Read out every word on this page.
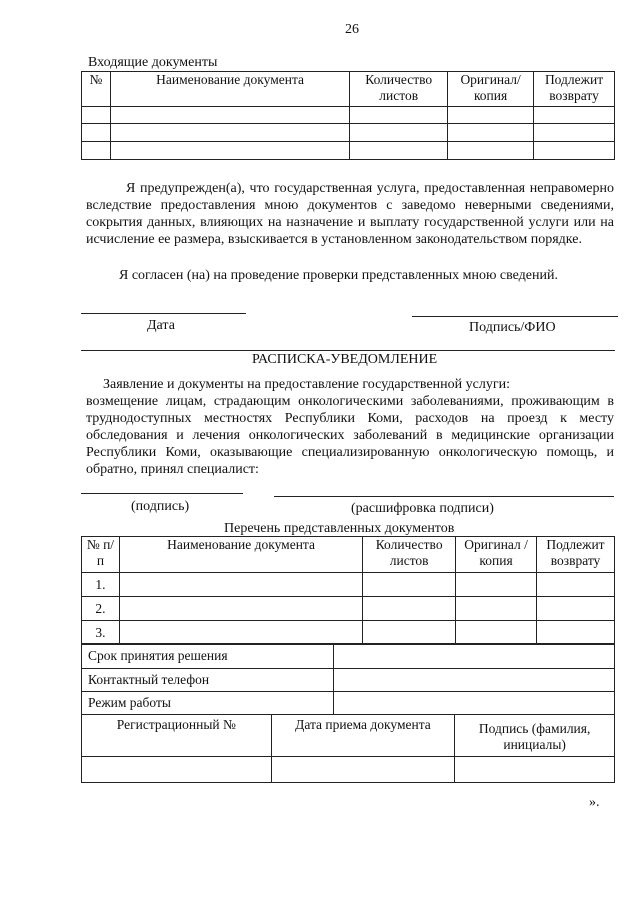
26
Входящие документы
№	Наименование документа	Количество листов	Оригинал/ копия	Подлежит возврату

Я предупрежден(а), что государственная услуга, предоставленная неправомерно вследствие предоставления мною документов с заведомо неверными сведениями, сокрытия данных, влияющих на назначение и выплату государственной услуги или на исчисление ее размера, взыскивается в установленном законодательством порядке.
Я согласен (на) на проведение проверки представленных мною сведений.
Дата	Подпись/ФИО
РАСПИСКА-УВЕДОМЛЕНИЕ
Заявление и документы на предоставление государственной услуги:
возмещение лицам, страдающим онкологическими заболеваниями, проживающим в труднодоступных местностях Республики Коми, расходов на проезд к месту обследования и лечения онкологических заболеваний в медицинские организации Республики Коми, оказывающие специализированную онкологическую помощь, и обратно, принял специалист:
(подпись)	(расшифровка подписи)
Перечень представленных документов
№ п/п	Наименование документа	Количество листов	Оригинал /копия	Подлежит возврату
1.				
2.				
3.				
Срок принятия решения	
Контактный телефон	
Режим работы	
Регистрационный №	Дата приема документа	Подпись (фамилия, инициалы)

».
